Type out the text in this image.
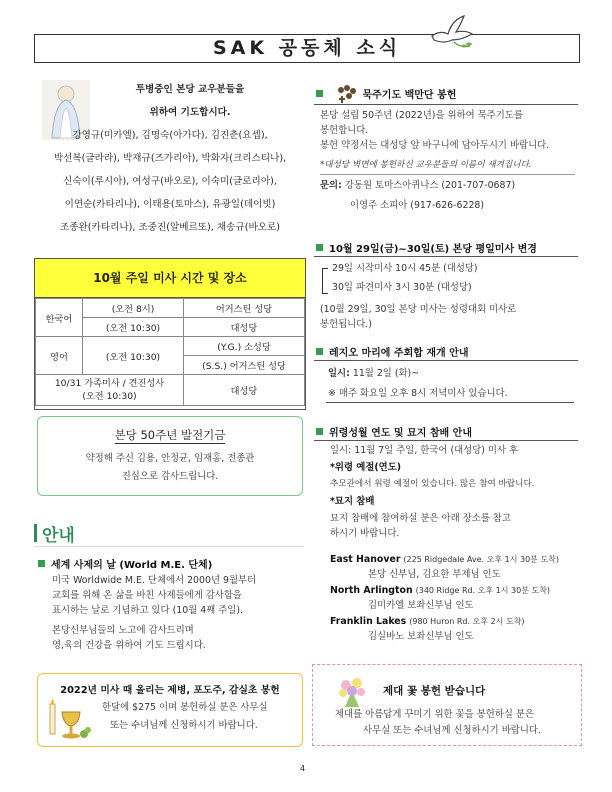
SAK 공동체 소식

투병중인 본당 교우분들을

위하여 기도합시다.

강영규(미카엘), 김명숙(아가다), 김진춘(요셉),

박선복(글라라), 박재규(즈가리아), 박화자(크리스티나),

신숙이(루시아), 여성구(바오로), 이숙미(글로리아),

이연순(카타리나), 이태용(토마스), 유광일(데이빗)

조종완(카타리나), 조중진(알베르또), 채송규(바오로)

10월 주일 미사 시간 및 장소
한국어	(오전 8시)	어거스틴 성당
	(오전 10:30)	대성당
영어	(오전 10:30)	(Y.G.) 소성당
		(S.S.) 어거스틴 성당
10/31 가족미사 / 견진성사
(오전 10:30)		대성당
본당 50주년 발전기금
약정해 주신 김용, 안정균, 임재홍, 전종관
진심으로 감사드립니다.
안내
세계 사제의 날 (World M.E. 단체)
미국 Worldwide M.E. 단체에서 2000년 9월부터
교회를 위해 온 삶을 바친 사제들에게 감사함을
표시하는 날로 기념하고 있다 (10월 4째 주일).
본당신부님들의 노고에 감사드리며
영,육의 건강을 위하여 기도 드립시다.
2022년 미사 때 올리는 제병, 포도주, 감실초 봉헌
한달에 $275 이며 봉헌하실 분은 사무실
또는 수녀님께 신청하시기 바랍니다.
묵주기도 백만단 봉헌
본당 설립 50주년 (2022년)을 위하여 묵주기도를
봉헌합니다.
봉헌 약정서는 대성당 앞 바구니에 담아두시기 바랍니다.
*대성당 벽면에 봉헌하신 교우분들의 이름이 새겨집니다.
문의: 강동원 토마스아퀴나스 (201-707-0687)
이영주 소피아 (917-626-6228)
10월 29일(금)~30일(토) 본당 평일미사 변경
29일 시작미사 10시 45분 (대성당)
30일 파견미사 3시 30분 (대성당)
(10월 29일, 30일 본당 미사는 성령대회 미사로
봉헌됩니다.)
레지오 마리에 주회합 재개 안내
일시: 11월 2일 (화)~
※ 매주 화요일 오후 8시 저녁미사 있습니다.
위령성월 연도 및 묘지 참배 안내
일시: 11월 7일 주일, 한국어 (대성당) 미사 후
*위령 예절(연도)
추모관에서 위령 예절이 있습니다. 많은 참여 바랍니다.
*묘지 참배
묘지 참배에 참여하실 분은 아래 장소를 참고
하시기 바랍니다.
East Hanover (225 Ridgedale Ave. 오후 1시 30분 도착)
본당 신부님, 김요한 부제님 인도
North Arlington (340 Ridge Rd. 오후 1시 30분 도착)
김미카엘 보좌신부님 인도
Franklin Lakes (980 Huron Rd. 오후 2시 도착)
김실바노 보좌신부님 인도
제대 꽃 봉헌 받습니다
제대를 아름답게 꾸미기 위한 꽃을 봉헌하실 분은
사무실 또는 수녀님께 신청하시기 바랍니다.
4
